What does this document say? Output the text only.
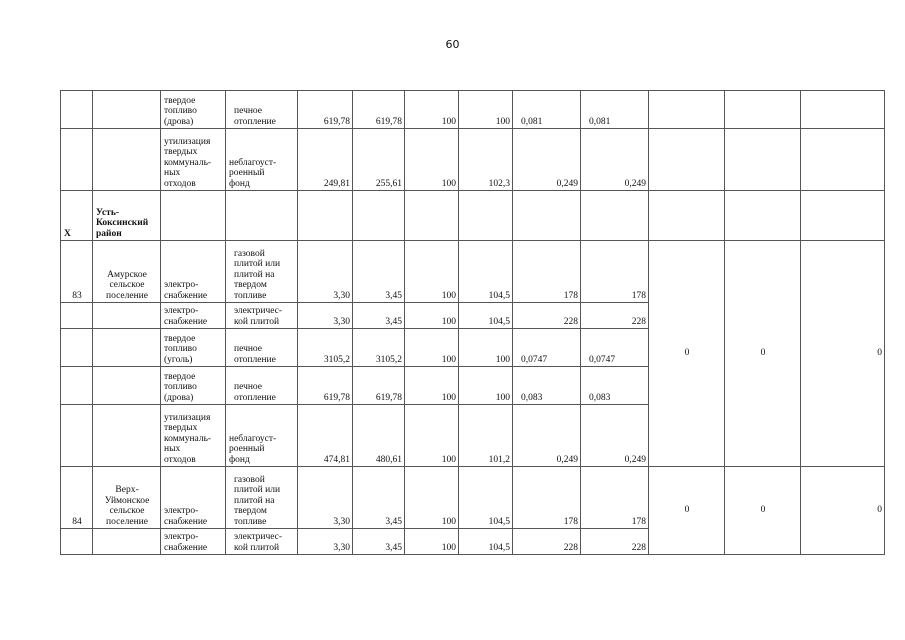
60
		твердое
топливо
(дрова)	печное
отопление	619,78	619,78	100	100	0,081	0,081			
		утилизация
твердых
коммуналь-
ных
отходов	неблагоуст-
роенный
фонд	249,81	255,61	100	102,3	0,249	0,249			
X	Усть-
Коксинский
район											
83	Амурское
сельское
поселение	электро-
снабжение	газовой
плитой или
плитой на
твердом
топливе	3,30	3,45	100	104,5	178	178	0	0	0
		электро-
снабжение	электричес-
кой плитой	3,30	3,45	100	104,5	228	228			
		твердое
топливо
(уголь)	печное
отопление	3105,2	3105,2	100	100	0,0747	0,0747			
		твердое
топливо
(дрова)	печное
отопление	619,78	619,78	100	100	0,083	0,083			
		утилизация
твердых
коммуналь-
ных
отходов	неблагоуст-
роенный
фонд	474,81	480,61	100	101,2	0,249	0,249			
84	Верх-
Уймонское
сельское
поселение	электро-
снабжение	газовой
плитой или
плитой на
твердом
топливе	3,30	3,45	100	104,5	178	178	0	0	0
		электро-
снабжение	электричес-
кой плитой	3,30	3,45	100	104,5	228	228			
